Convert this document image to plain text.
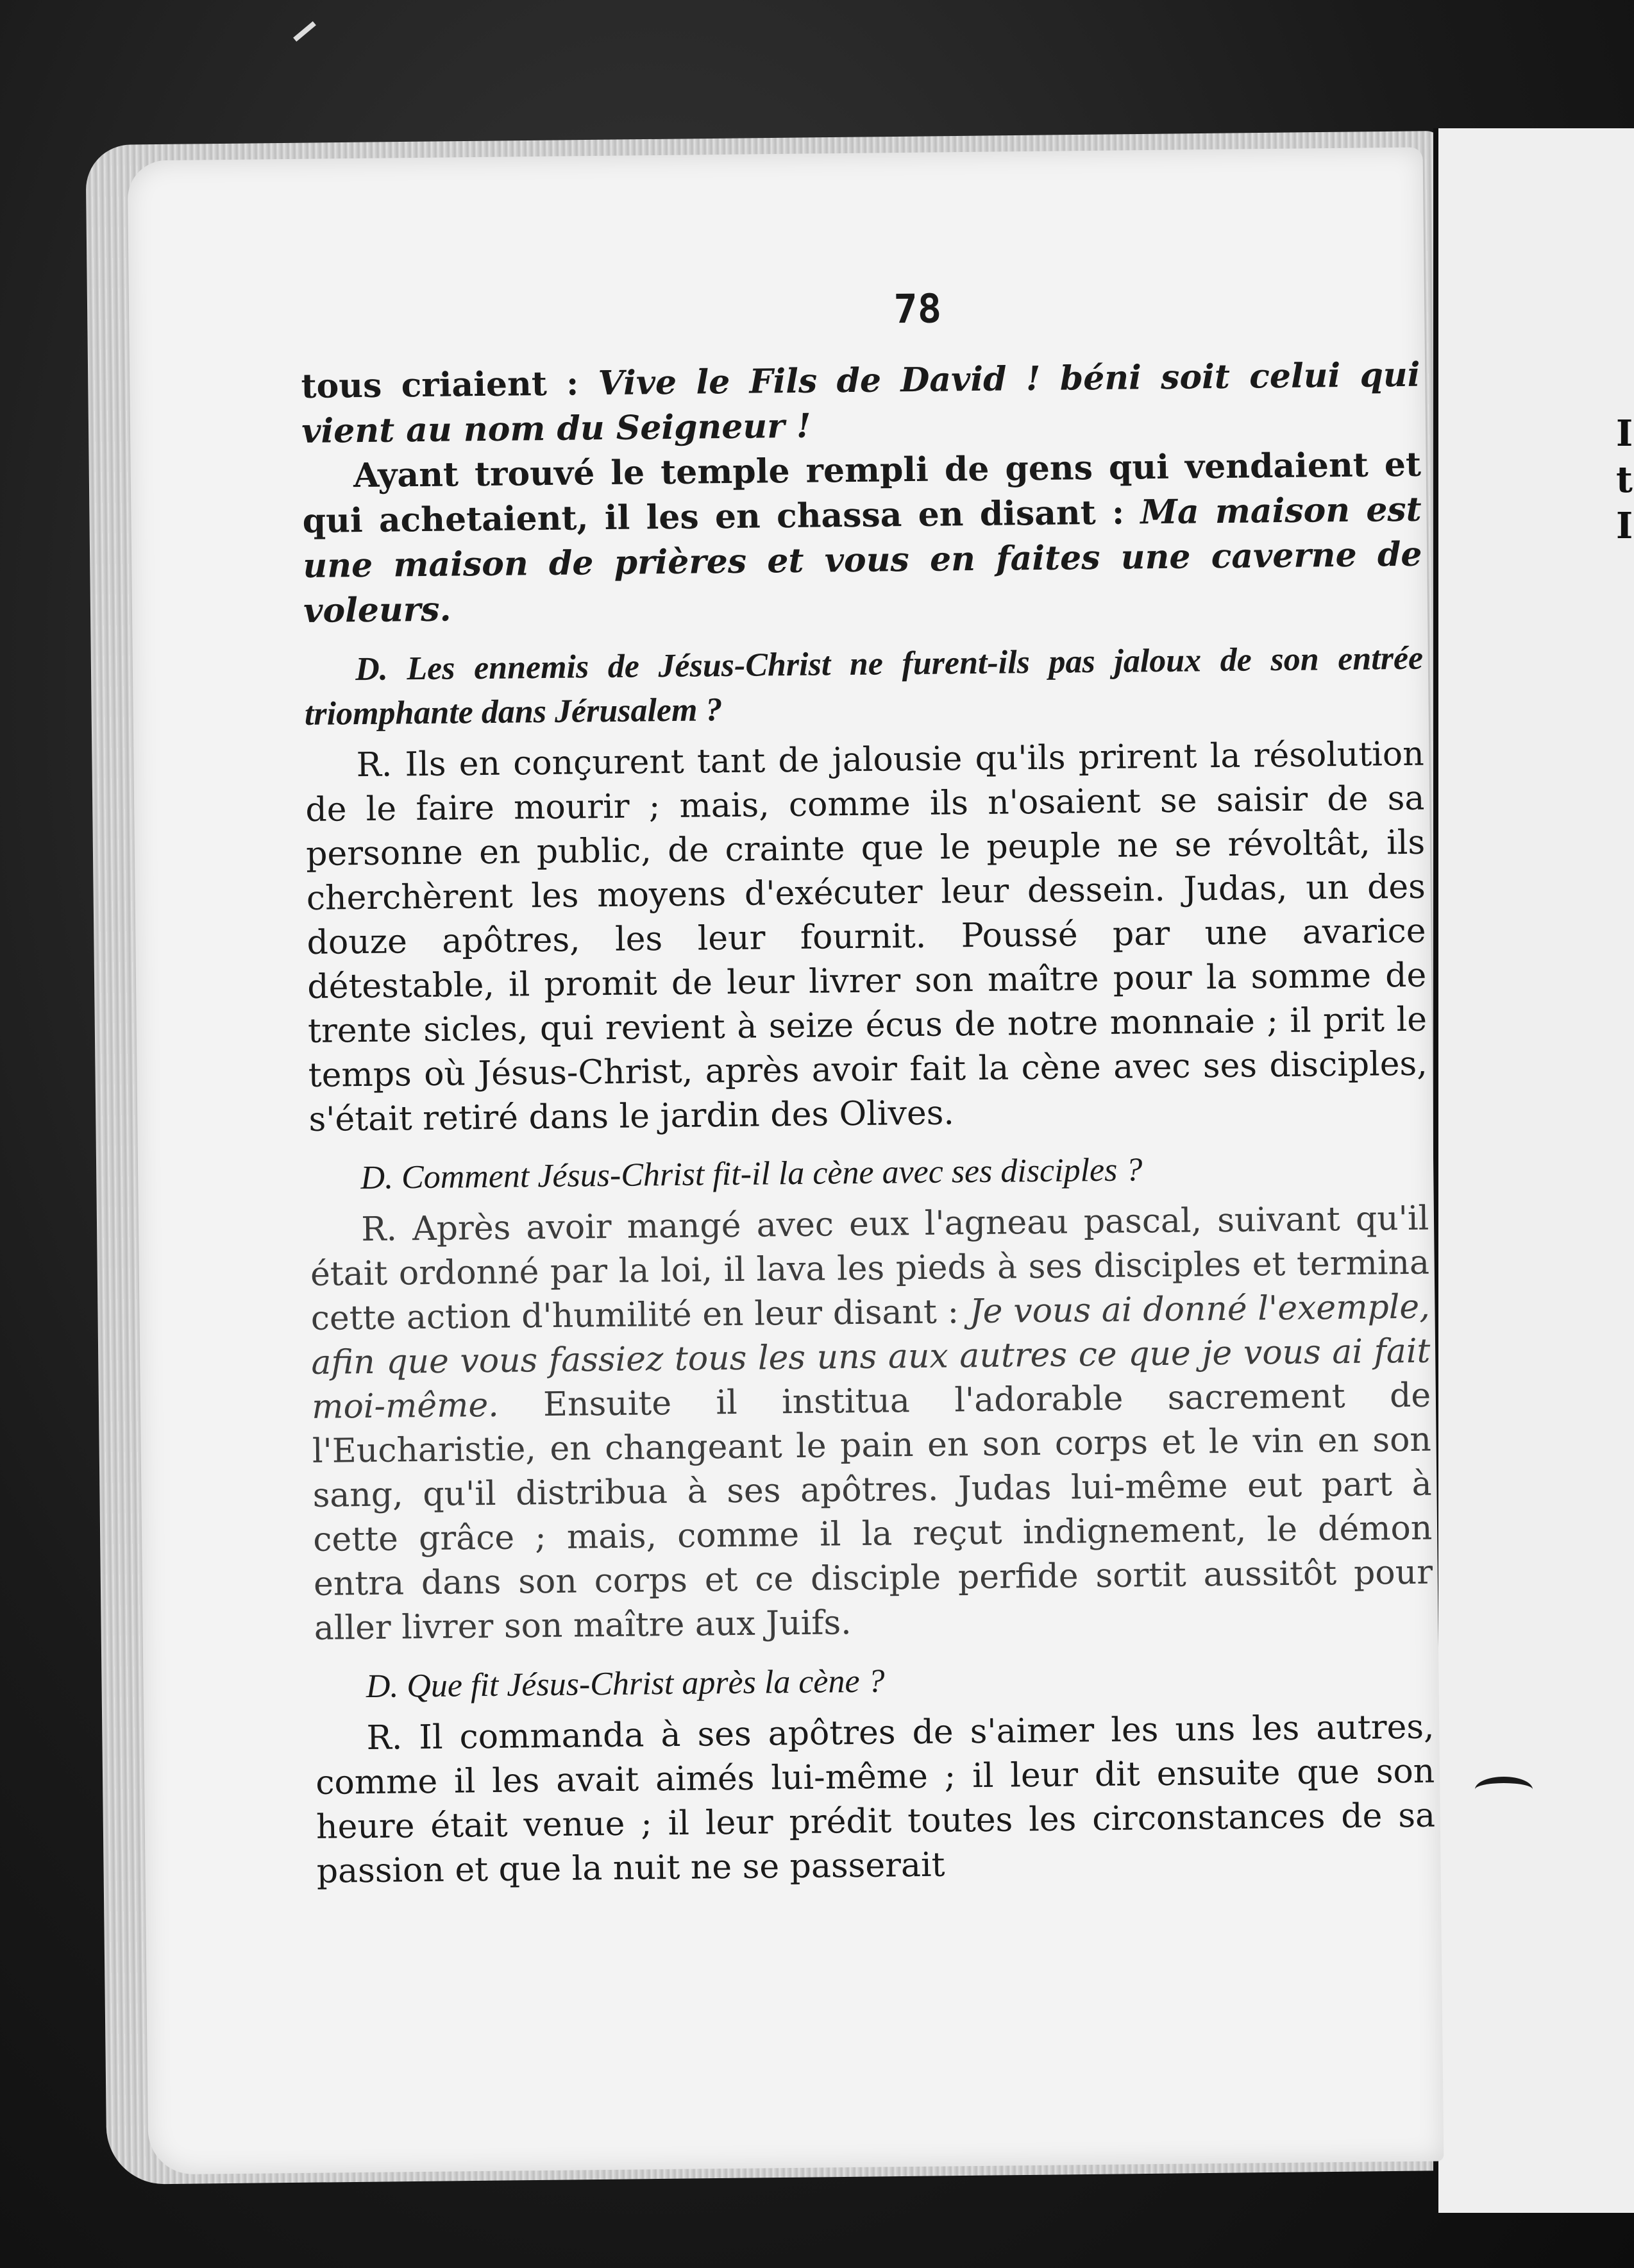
I
t
I
78

tous criaient : Vive le Fils de David ! béni soit celui qui vient au nom du Seigneur !

Ayant trouvé le temple rempli de gens qui vendaient et qui achetaient, il les en chassa en disant : Ma maison est une maison de prières et vous en faites une caverne de voleurs.

D. Les ennemis de Jésus-Christ ne furent-ils pas jaloux de son entrée triomphante dans Jérusalem ?

R. Ils en conçurent tant de jalousie qu'ils prirent la résolution de le faire mourir ; mais, comme ils n'osaient se saisir de sa personne en public, de crainte que le peuple ne se révoltât, ils cherchèrent les moyens d'exécuter leur dessein. Judas, un des douze apôtres, les leur fournit. Poussé par une avarice détestable, il promit de leur livrer son maître pour la somme de trente sicles, qui revient à seize écus de notre monnaie ; il prit le temps où Jésus-Christ, après avoir fait la cène avec ses disciples, s'était retiré dans le jardin des Olives.

D. Comment Jésus-Christ fit-il la cène avec ses disciples ?

R. Après avoir mangé avec eux l'agneau pascal, suivant qu'il était ordonné par la loi, il lava les pieds à ses disciples et termina cette action d'humilité en leur disant : Je vous ai donné l'exemple, afin que vous fassiez tous les uns aux autres ce que je vous ai fait moi-même. Ensuite il institua l'adorable sacrement de l'Eucharistie, en changeant le pain en son corps et le vin en son sang, qu'il distribua à ses apôtres. Judas lui-même eut part à cette grâce ; mais, comme il la reçut indignement, le démon entra dans son corps et ce disciple perfide sortit aussitôt pour aller livrer son maître aux Juifs.

D. Que fit Jésus-Christ après la cène ?

R. Il commanda à ses apôtres de s'aimer les uns les autres, comme il les avait aimés lui-même ; il leur dit ensuite que son heure était venue ; il leur prédit toutes les circonstances de sa passion et que la nuit ne se passerait
